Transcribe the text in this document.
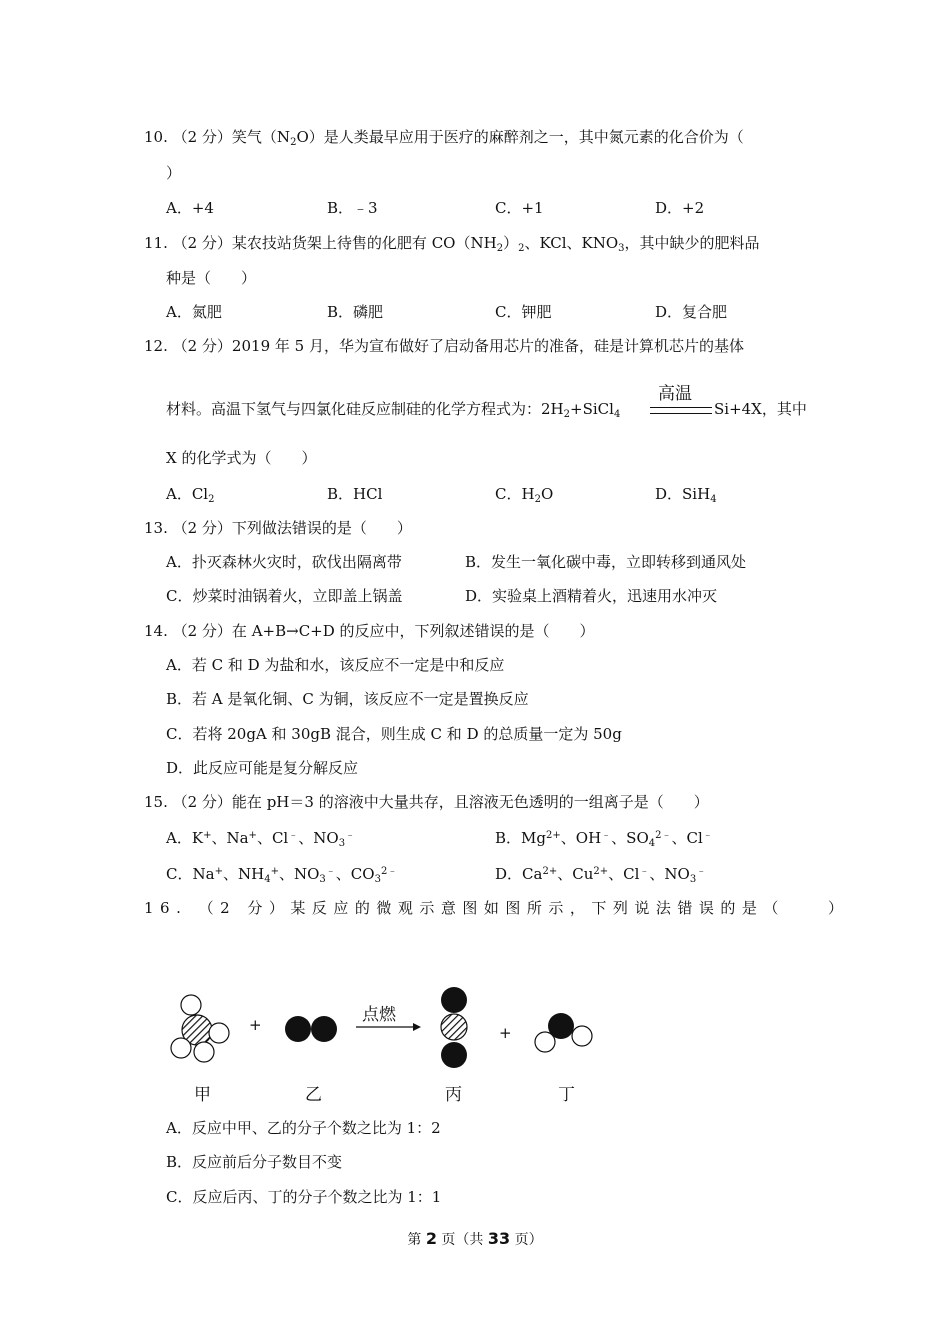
10. （2 分）笑气$(N_2O)$是人类最早应用于医疗的麻醉剂之一，其中氮元素的化合价为（
）
A．+4	B．﹣3	C．+1	D．+2
11. （2 分）某农技站货架上待售的化肥有 $CO(NH_2)_2$、KCl、$KNO_3$，其中缺少的肥料品
种是（　　）
A．氮肥	B．磷肥	C．钾肥	D．复合肥
12. （2 分）2019 年 5 月，华为宣布做好了启动备用芯片的准备，硅是计算机芯片的基体
材料。高温下氢气与四氯化硅反应制硅的化学方程式为：$2H_2+SiCl_4$
高温
Si+4X，其中
X 的化学式为（　　）
A．$Cl_2$	B．HCl	C．$H_2O$	D．SiH$_4$
13. （2 分）下列做法错误的是（　　）
A．扑灭森林火灾时，砍伐出隔离带	B．发生一氧化碳中毒，立即转移到通风处
C．炒菜时油锅着火，立即盖上锅盖	D．实验桌上酒精着火，迅速用水冲灭
14. （2 分）在 A+B→C+D 的反应中，下列叙述错误的是（　　）
A．若 C 和 D 为盐和水，该反应不一定是中和反应
B．若 A 是氧化铜、C 为铜，该反应不一定是置换反应
C．若将 20gA 和 30gB 混合，则生成 C 和 D 的总质量一定为 50g
D．此反应可能是复分解反应
15. （2 分）能在 pH＝3 的溶液中大量共存，且溶液无色透明的一组离子是（　　）
A．K+、Na+、Cl﹣、$NO_3^﹣$	B．$Mg^{2+}$、OH﹣、$SO_4^{2﹣}$、Cl﹣
C．Na+、$NH_4^+$、$NO_3^﹣$、$CO_3^{2﹣}$	D．$Ca^{2+}$、$Cu^{2+}$、Cl﹣、$NO_3^﹣$
16. （2 分）某反应的微观示意图如图所示，下列说法错误的是（　　）
+	+
点燃
甲	乙	丙	丁
A．反应中甲、乙的分子个数之比为 1：2
B．反应前后分子数目不变
C．反应后丙、丁的分子个数之比为 1：1
第 2 页（共 33 页）
